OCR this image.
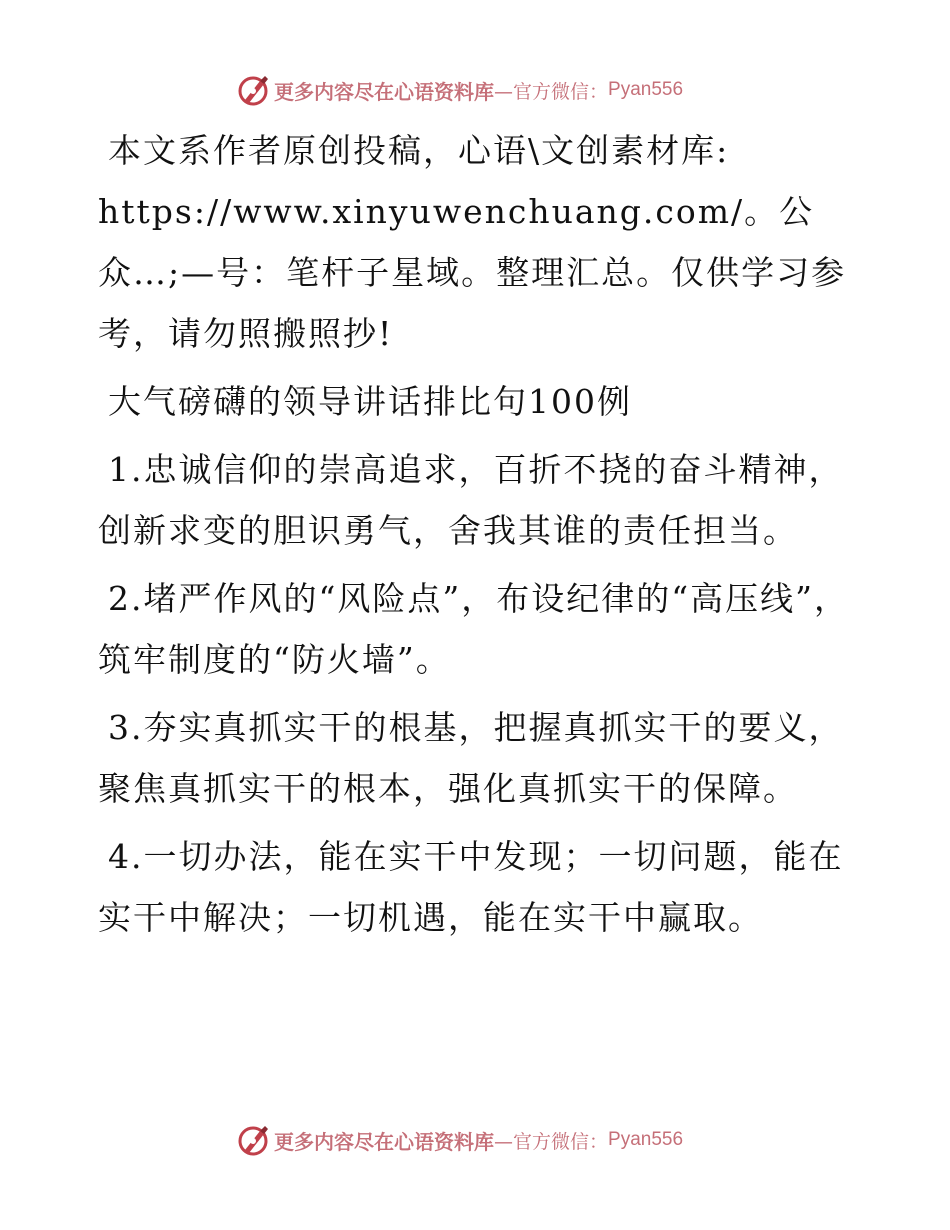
更多内容尽在心语资料库 —官方微信： Pyan556

本文系作者原创投稿，心语\文创素材库: https://www.xinyuwenchuang.com/。公众…;—号：笔杆子星域。整理汇总。仅供学习参考，请勿照搬照抄!

大气磅礴的领导讲话排比句100例

1.忠诚信仰的崇高追求，百折不挠的奋斗精神，创新求变的胆识勇气，舍我其谁的责任担当。

2.堵严作风的“风险点”，布设纪律的“高压线”，筑牢制度的“防火墙”。

3.夯实真抓实干的根基，把握真抓实干的要义，聚焦真抓实干的根本，强化真抓实干的保障。

4.一切办法，能在实干中发现；一切问题，能在实干中解决；一切机遇，能在实干中赢取。

更多内容尽在心语资料库 —官方微信： Pyan556
